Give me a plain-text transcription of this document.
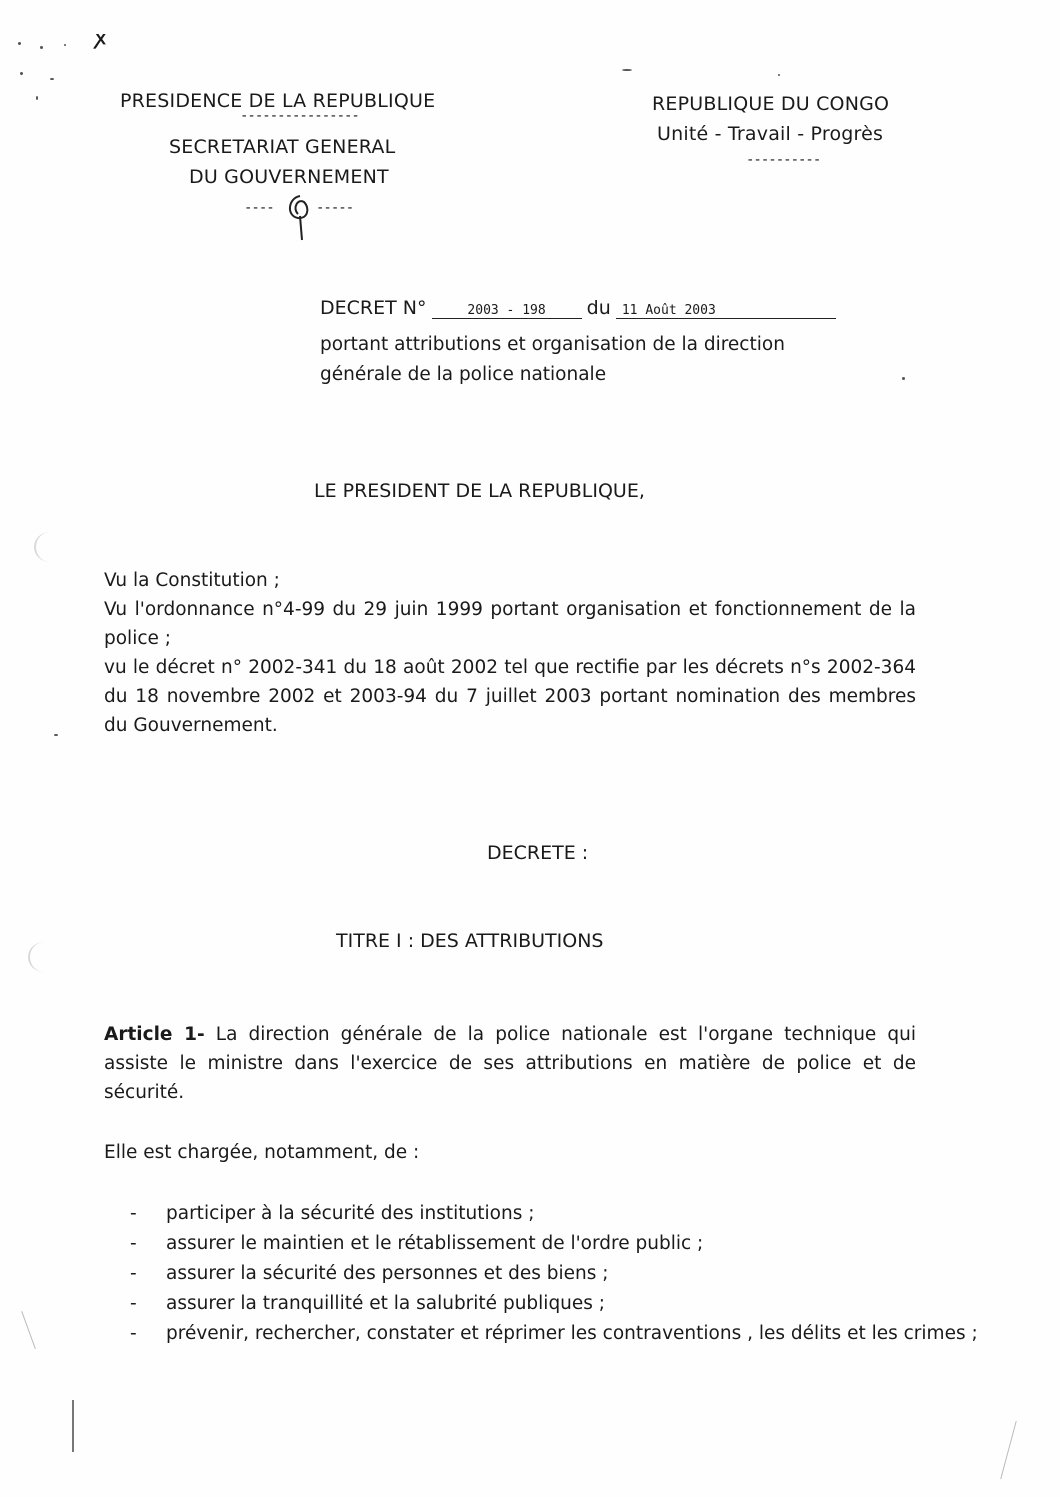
ꭗ
PRESIDENCE DE LA REPUBLIQUE
----------------
SECRETARIAT GENERAL
DU GOUVERNEMENT
----	-----
REPUBLIQUE DU CONGO
Unité - Travail - Progrès
----------
DECRET N°	2003 - 198 du 11 Août 2003
portant attributions et organisation de la direction
générale de la police nationale
LE PRESIDENT DE LA REPUBLIQUE,
Vu la Constitution ;
Vu l'ordonnance n°4-99 du 29 juin 1999 portant organisation et fonctionnement de la police ;
vu le décret n° 2002-341 du 18 août 2002 tel que rectifie par les décrets n°s 2002-364 du 18 novembre 2002 et 2003-94 du 7 juillet 2003 portant nomination des membres du Gouvernement.
DECRETE :
TITRE I : DES ATTRIBUTIONS
Article 1- La direction générale de la police nationale est l'organe technique qui assiste le ministre dans l'exercice de ses attributions en matière de police et de sécurité.
Elle est chargée, notamment, de :
- participer à la sécurité des institutions ;
- assurer le maintien et le rétablissement de l'ordre public ;
- assurer la sécurité des personnes et des biens ;
- assurer la tranquillité et la salubrité publiques ;
- prévenir, rechercher, constater et réprimer les contraventions , les délits et les crimes ;
